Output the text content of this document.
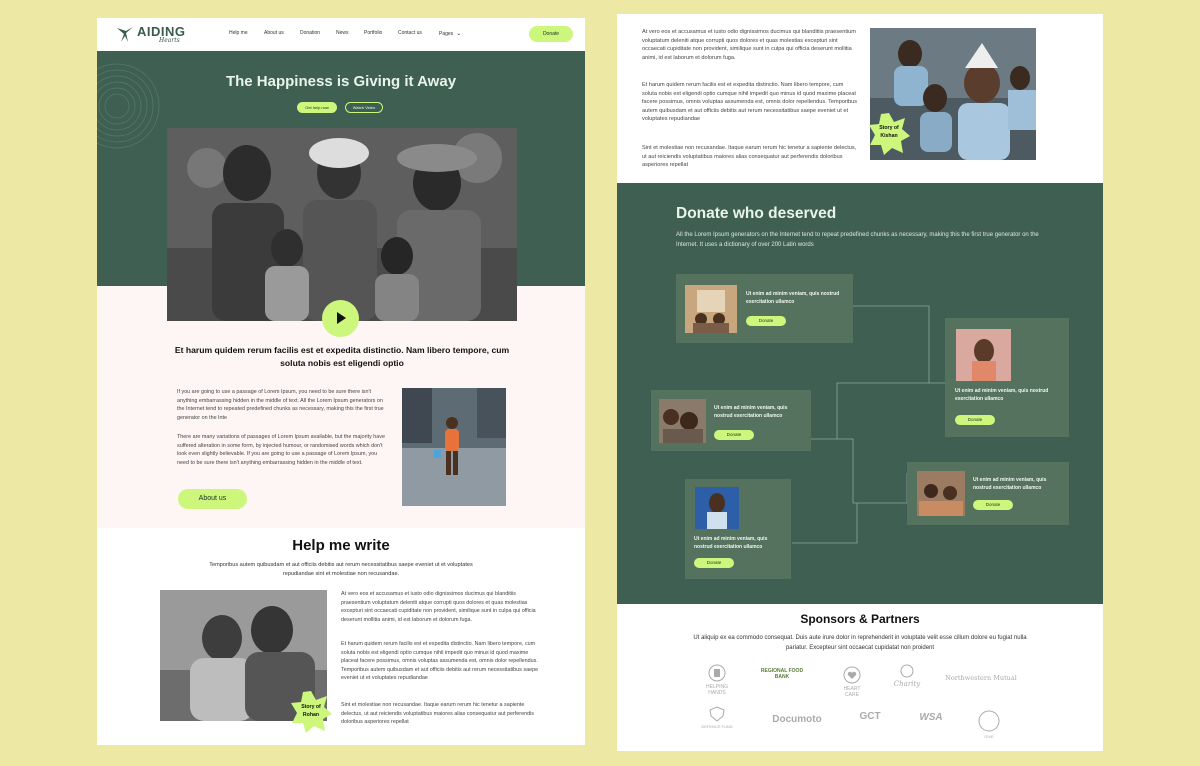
AIDING
Hearts
Help me	About us	Donation	News	Portfolio	Contact us	Pages ⌄	Donate
The Happiness is Giving it Away
Get help now	Watch Video
Et harum quidem rerum facilis est et expedita distinctio. Nam libero tempore, cum soluta nobis est eligendi optio

If you are going to use a passage of Lorem Ipsum, you need to be sure there isn't anything embarrassing hidden in the middle of text. All the Lorem Ipsum generators on the Internet tend to repeated predefined chunks as necessary, making this the first true generator on the Inte

There are many variations of passages of Lorem Ipsum available, but the majority have suffered alteration in some form, by injected humour, or randomised words which don't look even slightly believable. If you are going to use a passage of Lorem Ipsum, you need to be sure there isn't anything embarrassing hidden in the middle of text.

About us
Help me write
Temporibus autem quibusdam et aut officiis debitis aut rerum necessitatibus saepe eveniet ut et voluptates repudiandae sint et molestiae non recusandae.
Story of
Rohan

At vero eos et accusamus et iusto odio dignissimos ducimus qui blanditiis praesentium voluptatum deleniti atque corrupti quos dolores et quas molestias excepturi sint occaecati cupiditate non provident, similique sunt in culpa qui officia deserunt mollitia animi, id est laborum et dolorum fuga.

Et harum quidem rerum facilis est et expedita distinctio. Nam libero tempore, cum soluta nobis est eligendi optio cumque nihil impedit quo minus id quod maxime placeat facere possimus, omnis voluptas assumenda est, omnis dolor repellendus. Temporibus autem quibusdam et aut officiis debitis aut rerum necessitatibus saepe eveniet ut et voluptates repudiandae

Sint et molestiae non recusandae. Itaque earum rerum hic tenetur a sapiente delectus, ut aut reiciendis voluptatibus maiores alias consequatur aut perferendis doloribus asperiores repellat

At vero eos et accusamus et iusto odio dignissimos ducimus qui blanditiis praesentium voluptatum deleniti atque corrupti quos dolores et quas molestias excepturi sint occaecati cupiditate non provident, similique sunt in culpa qui officia deserunt mollitia animi, id est laborum et dolorum fuga.

Et harum quidem rerum facilis est et expedita distinctio. Nam libero tempore, cum soluta nobis est eligendi optio cumque nihil impedit quo minus id quod maxime placeat facere possimus, omnis voluptas assumenda est, omnis dolor repellendus. Temporibus autem quibusdam et aut officiis debitis aut rerum necessitatibus saepe eveniet ut et voluptates repudiandae

Sint et molestiae non recusandae. Itaque earum rerum hic tenetur a sapiente delectus, ut aut reiciendis voluptatibus maiores alias consequatur aut perferendis doloribus asperiores repellat

Story of
Kishan
Donate who deserved
All the Lorem Ipsum generators on the Internet tend to repeat predefined chunks as necessary, making this the first true generator on the Internet. It uses a dictionary of over 200 Latin words
Ut enim ad minim veniam, quis nostrud exercitation ullamco
Donate
Ut enim ad minim veniam, quis nostrud exercitation ullamco
Donate
Ut enim ad minim veniam, quis nostrud exercitation ullamco
Donate
Ut enim ad minim veniam, quis nostrud exercitation ullamco
Donate
Ut enim ad minim veniam, quis nostrud exercitation ullamco
Donate
Sponsors & Partners
Ut aliquip ex ea commodo consequat. Duis aute irure dolor in reprehenderit in voluptate velit esse cillum dolore eu fugiat nulla pariatur. Excepteur sint occaecat cupidatat non proident
HELPING HANDS
REGIONAL FOOD BANK
HEART CARE
Charity
Northwestern Mutual
DEFENCE FUND
Documoto	GCT	WSA
GIVE
